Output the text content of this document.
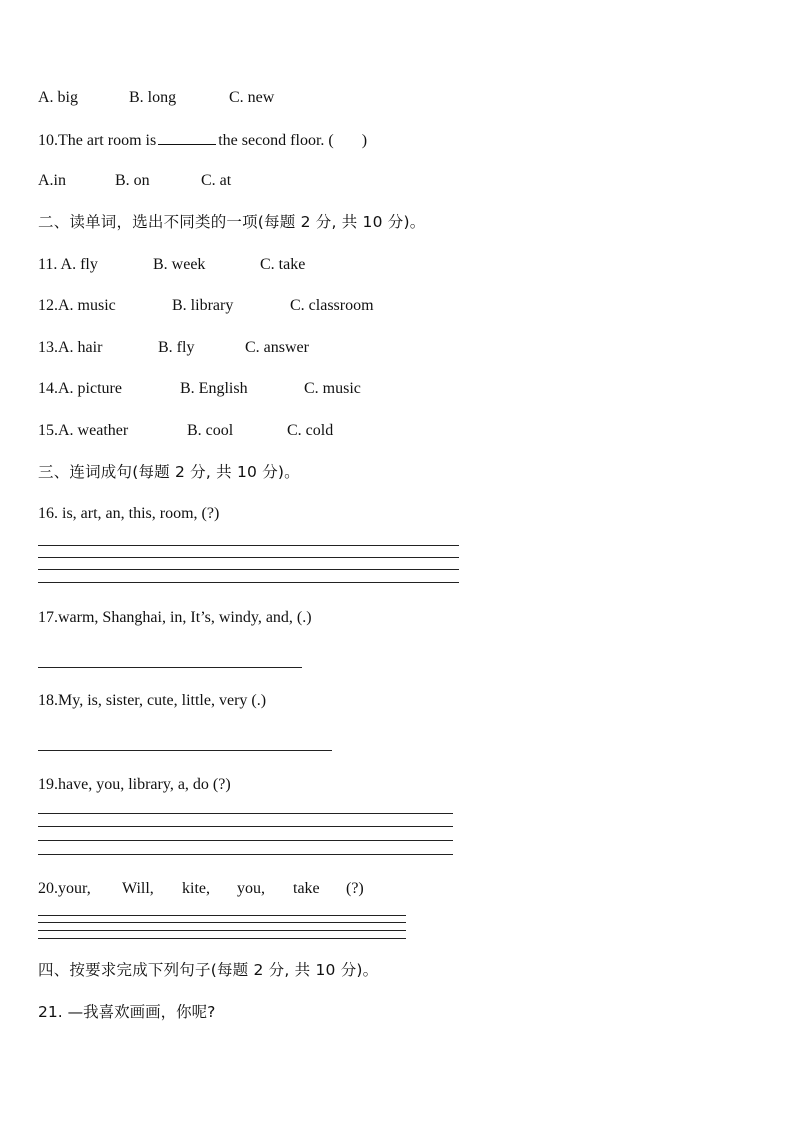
A. big	B. long	C. new
10.The art room is	the second floor. ( )
A.in	B. on	C. at
二、读单词，选出不同类的一项(每题 2 分, 共 10 分)。
11. A. fly	B. week	C. take
12.A. music	B. library	C. classroom
13.A. hair	B. fly	C. answer
14.A. picture	B. English	C. music
15.A. weather	B. cool	C. cold
三、连词成句(每题 2 分, 共 10 分)。
16. is, art, an, this, room, (?)
17.warm, Shanghai, in, It’s, windy, and, (.)
18.My, is, sister, cute, little, very (.)
19.have, you, library, a, do (?)
20.your, Will, kite, you, take (?)
四、按要求完成下列句子(每题 2 分, 共 10 分)。
21. —我喜欢画画，你呢?
